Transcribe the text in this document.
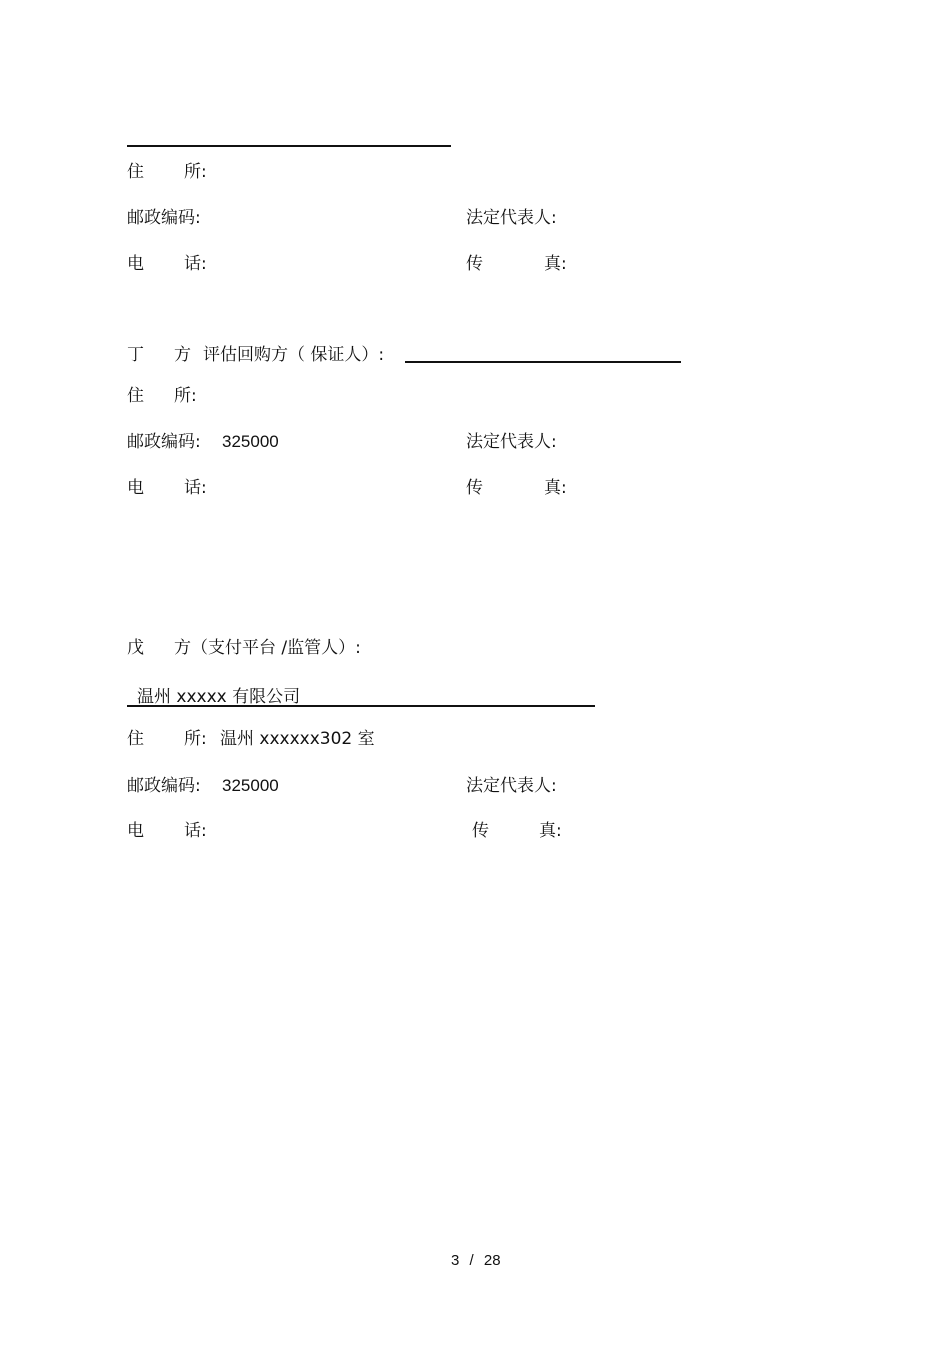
住 所:
邮政编码:	法定代表人:
电 话:	传	真:
丁 方 评估回购方（ 保证人）:
住 所:
邮政编码: 325000	法定代表人:
电 话:	传	真:
戊 方（支付平台 /监管人）:
温州 xxxxx 有限公司
住 所: 温州 xxxxxx302 室
邮政编码: 325000	法定代表人:
电 话:	传	真:
3 / 28
